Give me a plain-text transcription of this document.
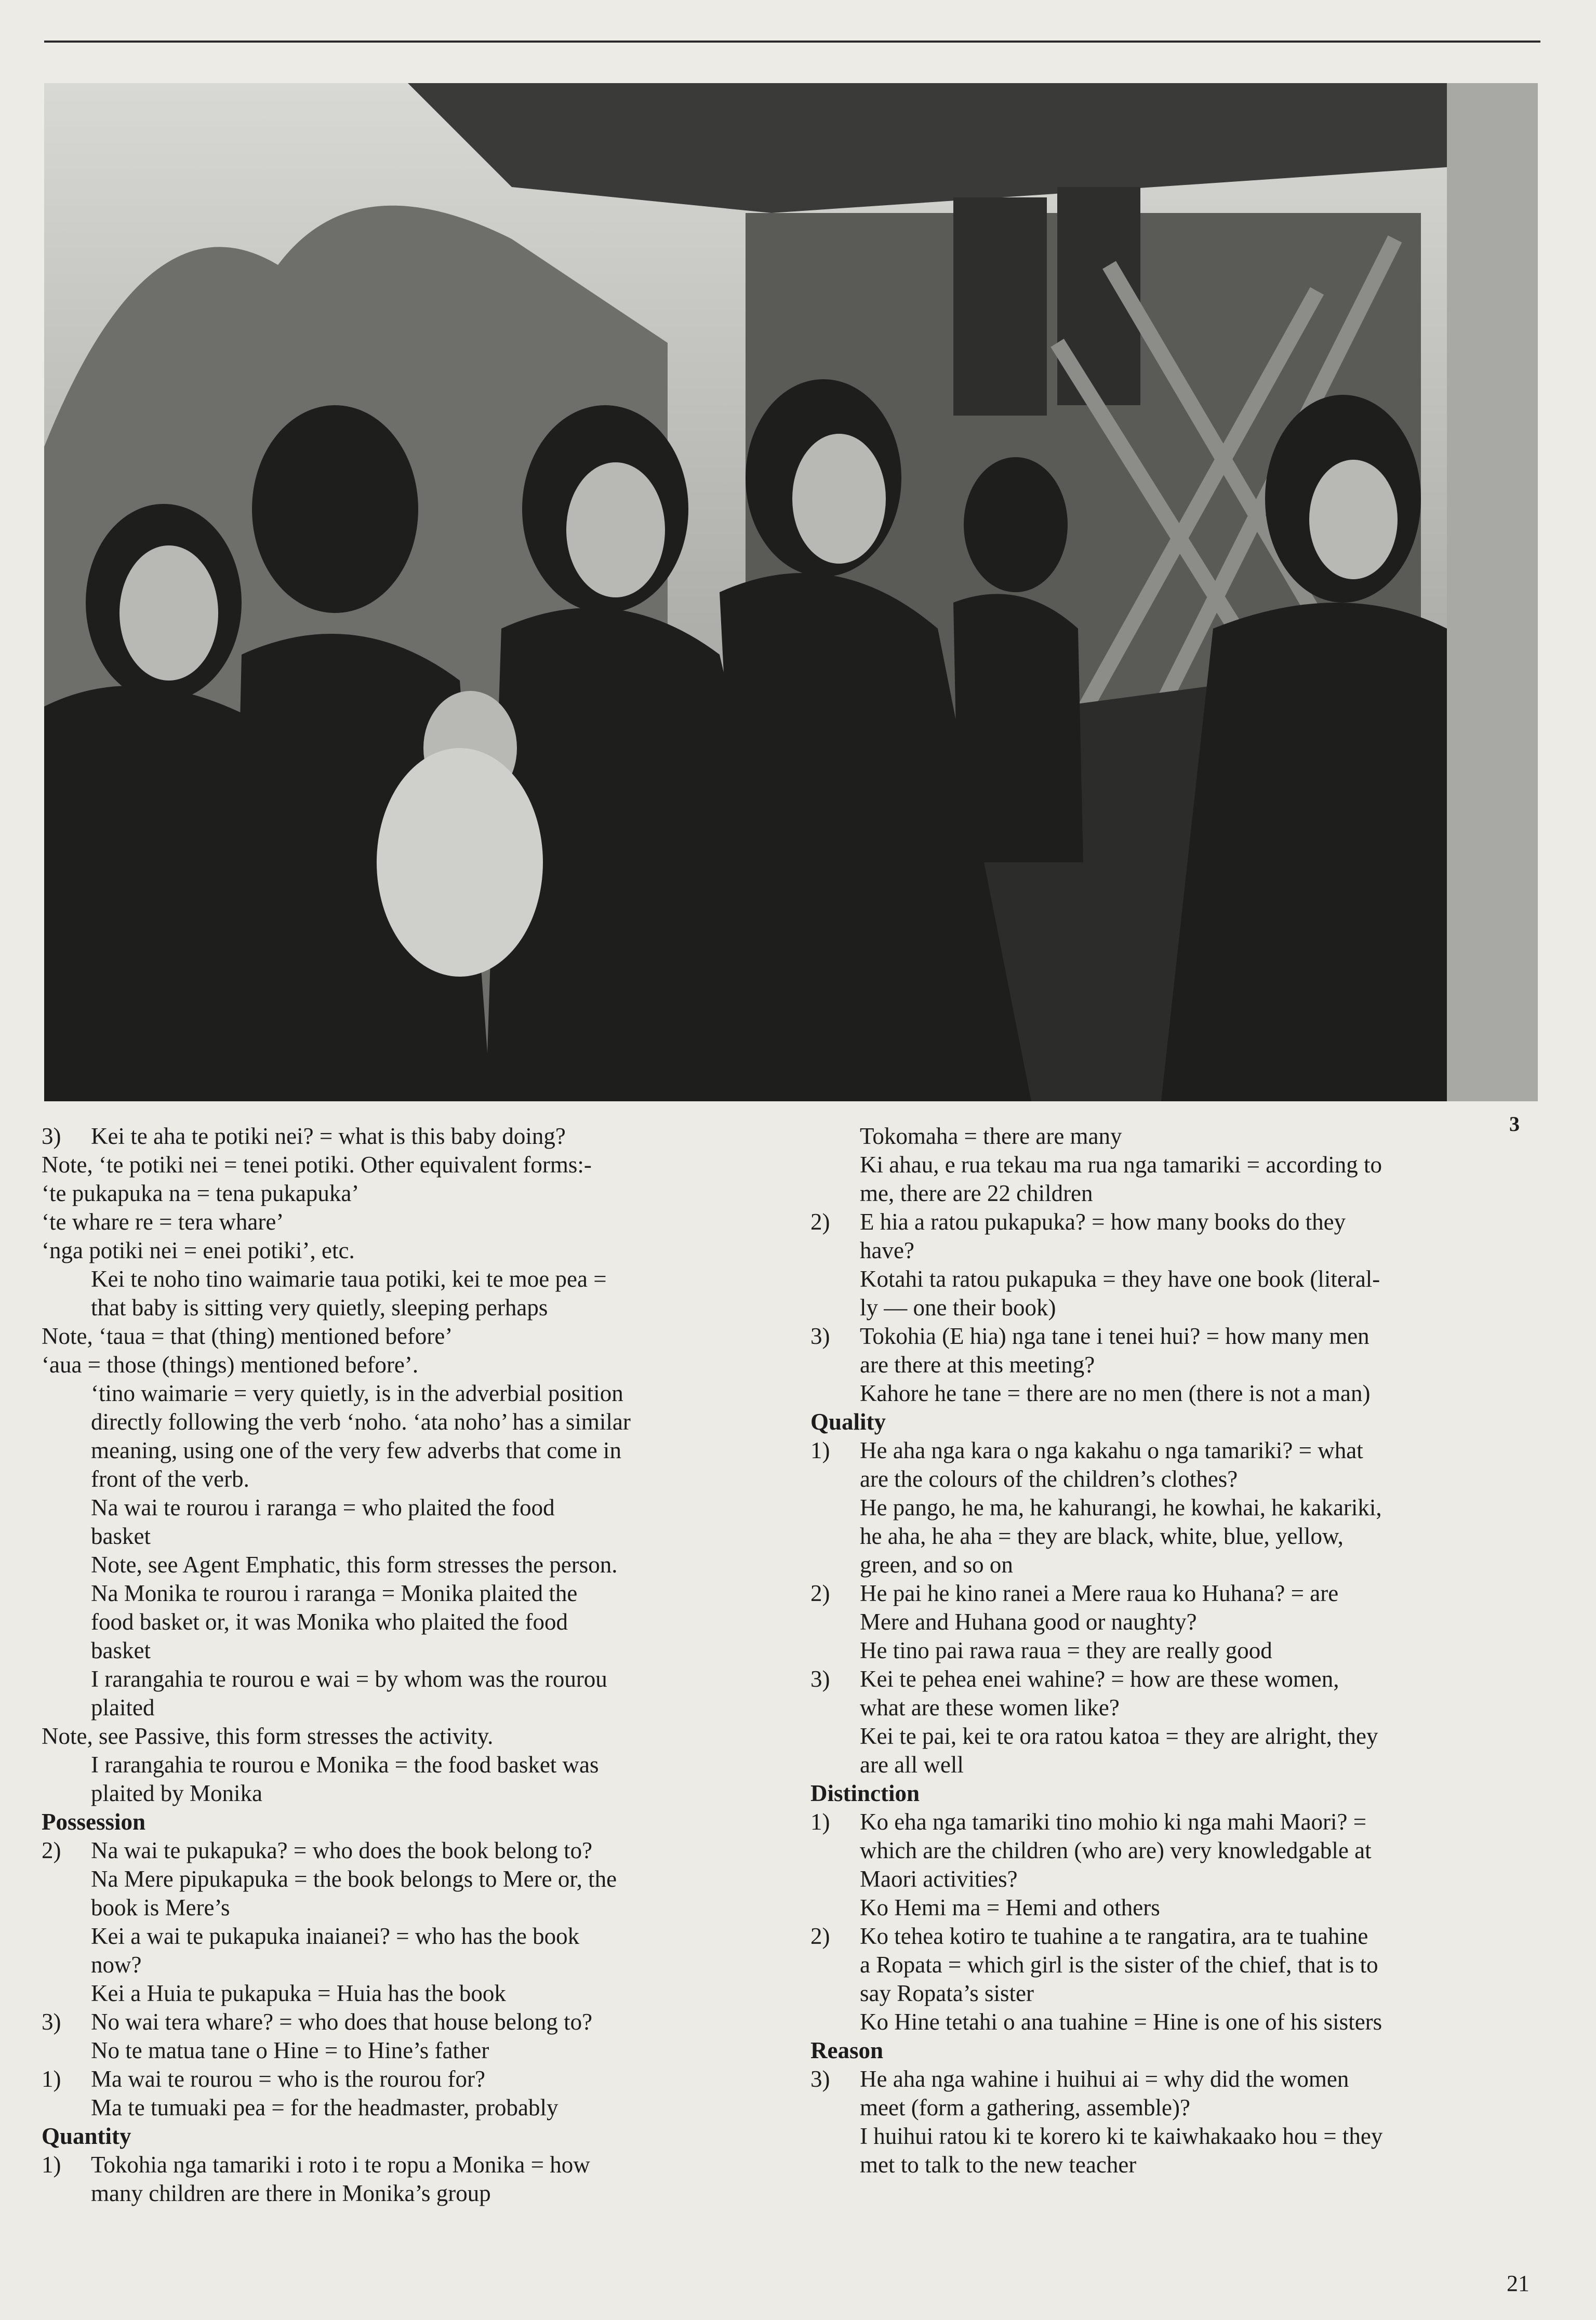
3
3) Kei te aha te potiki nei? = what is this baby doing?
Note, ‘te potiki nei = tenei potiki. Other equivalent forms:-
‘te pukapuka na = tena pukapuka’
‘te whare re = tera whare’
‘nga potiki nei = enei potiki’, etc.
Kei te noho tino waimarie taua potiki, kei te moe pea =
that baby is sitting very quietly, sleeping perhaps
Note, ‘taua = that (thing) mentioned before’
‘aua = those (things) mentioned before’.
‘tino waimarie = very quietly, is in the adverbial position
directly following the verb ‘noho. ‘ata noho’ has a similar
meaning, using one of the very few adverbs that come in
front of the verb.
Na wai te rourou i raranga = who plaited the food
basket
Note, see Agent Emphatic, this form stresses the person.
Na Monika te rourou i raranga = Monika plaited the
food basket or, it was Monika who plaited the food
basket
I rarangahia te rourou e wai = by whom was the rourou
plaited
Note, see Passive, this form stresses the activity.
I rarangahia te rourou e Monika = the food basket was
plaited by Monika
Possession
2) Na wai te pukapuka? = who does the book belong to?
Na Mere pipukapuka = the book belongs to Mere or, the
book is Mere’s
Kei a wai te pukapuka inaianei? = who has the book
now?
Kei a Huia te pukapuka = Huia has the book
3) No wai tera whare? = who does that house belong to?
No te matua tane o Hine = to Hine’s father
1) Ma wai te rourou = who is the rourou for?
Ma te tumuaki pea = for the headmaster, probably
Quantity
1) Tokohia nga tamariki i roto i te ropu a Monika = how
many children are there in Monika’s group
Tokomaha = there are many
Ki ahau, e rua tekau ma rua nga tamariki = according to
me, there are 22 children
2) E hia a ratou pukapuka? = how many books do they
have?
Kotahi ta ratou pukapuka = they have one book (literal-
ly — one their book)
3) Tokohia (E hia) nga tane i tenei hui? = how many men
are there at this meeting?
Kahore he tane = there are no men (there is not a man)
Quality
1) He aha nga kara o nga kakahu o nga tamariki? = what
are the colours of the children’s clothes?
He pango, he ma, he kahurangi, he kowhai, he kakariki,
he aha, he aha = they are black, white, blue, yellow,
green, and so on
2) He pai he kino ranei a Mere raua ko Huhana? = are
Mere and Huhana good or naughty?
He tino pai rawa raua = they are really good
3) Kei te pehea enei wahine? = how are these women,
what are these women like?
Kei te pai, kei te ora ratou katoa = they are alright, they
are all well
Distinction
1) Ko eha nga tamariki tino mohio ki nga mahi Maori? =
which are the children (who are) very knowledgable at
Maori activities?
Ko Hemi ma = Hemi and others
2) Ko tehea kotiro te tuahine a te rangatira, ara te tuahine
a Ropata = which girl is the sister of the chief, that is to
say Ropata’s sister
Ko Hine tetahi o ana tuahine = Hine is one of his sisters
Reason
3) He aha nga wahine i huihui ai = why did the women
meet (form a gathering, assemble)?
I huihui ratou ki te korero ki te kaiwhakaako hou = they
met to talk to the new teacher
21
